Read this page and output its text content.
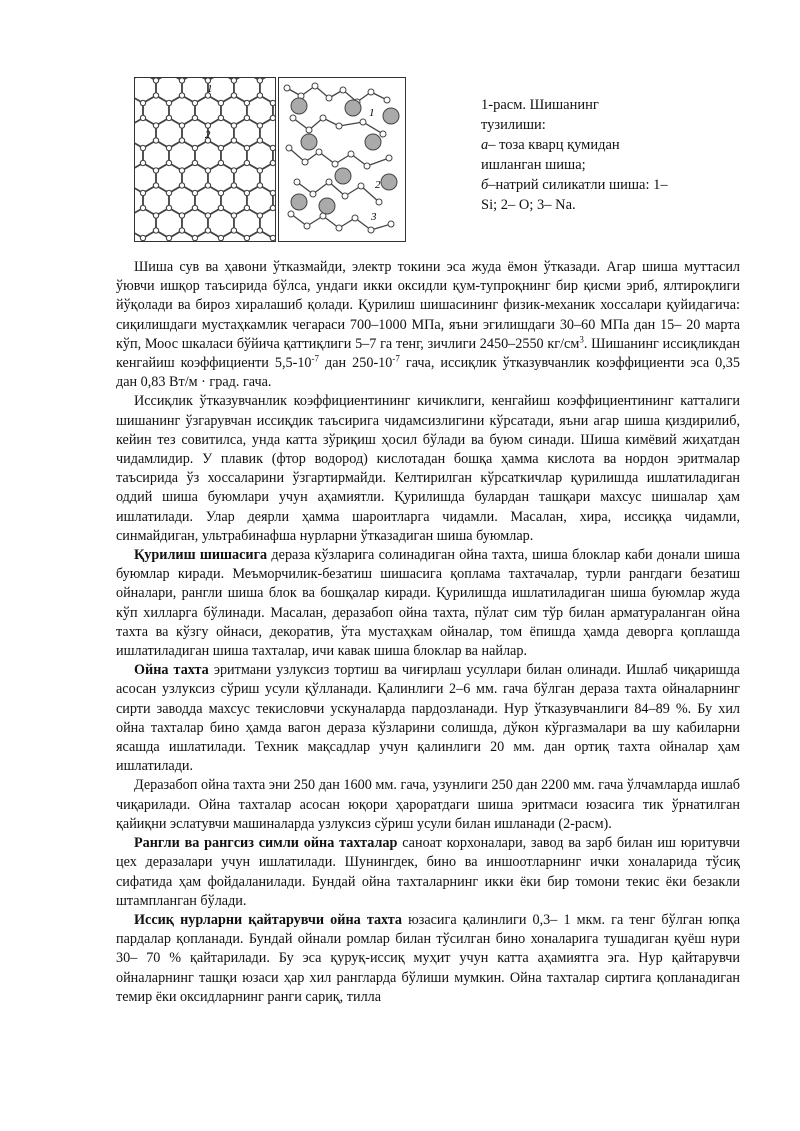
1
2
1
2
3
1-расм. Шишанинг
тузилиши:
а– тоза кварц қумидан ишланган шиша;
б–натрий силикатли шиша: 1–Si; 2– O; 3– Na.

Шиша сув ва ҳавони ўтказмайди, электр токини эса жуда ёмон ўтказади. Агар шиша муттасил ўювчи ишқор таъсирида бўлса, ундаги икки оксидли қум-тупроқнинг бир қисми эриб, ялтироқлиги йўқолади ва бироз хиралашиб қолади. Қурилиш шишасининг физик-механик хоссалари қуйидагича: сиқилишдаги мустаҳкамлик чегараси 700–1000 МПа, яъни эгилишдаги 30–60 МПа дан 15– 20 марта кўп, Моос шкаласи бўйича қаттиқлиги 5–7 га тенг, зичлиги 2450–2550 $кг/см^3$. Шишанинг иссиқликдан кенгайиш коэффициенти $5,5-10^{-7}$ дан $250-10^{-7}$ гача, иссиқлик ўтказувчанлик коэффициенти эса 0,35 дан 0,83 Вт/м · град. гача.

Иссиқлик ўтказувчанлик коэффициентининг кичиклиги, кенгайиш коэффициентининг катталиги шишанинг ўзгарувчан иссиқдик таъсирига чидамсизлигини кўрсатади, яъни агар шиша қиздирилиб, кейин тез совитилса, унда катта зўриқиш ҳосил бўлади ва буюм синади. Шиша кимёвий жиҳатдан чидамлидир. У плавик (фтор водород) кислотадан бошқа ҳамма кислота ва нордон эритмалар таъсирида ўз хоссаларини ўзгартирмайди. Келтирилган кўрсаткичлар қурилишда ишлатиладиган оддий шиша буюмлари учун аҳамиятли. Қурилишда булардан ташқари махсус шишалар ҳам ишлатилади. Улар деярли ҳамма шароитларга чидамли. Масалан, хира, иссиққа чидамли, синмайдиган, ультрабинафша нурларни ўтказадиган шиша буюмлар.

Қурилиш шишасига дераза кўзларига солинадиган ойна тахта, шиша блоклар каби донали шиша буюмлар киради. Меъморчилик-безатиш шишасига қоплама тахтачалар, турли рангдаги безатиш ойналари, рангли шиша блок ва бошқалар киради. Қурилишда ишлатиладиган шиша буюмлар жуда кўп хилларга бўлинади. Масалан, деразабоп ойна тахта, пўлат сим тўр билан арматураланган ойна тахта ва кўзгу ойнаси, декоратив, ўта мустаҳкам ойналар, том ёпишда ҳамда деворга қоплашда ишлатиладиган шиша тахталар, ичи кавак шиша блоклар ва найлар.

Ойна тахта эритмани узлуксиз тортиш ва чиғирлаш усуллари билан олинади. Ишлаб чиқаришда асосан узлуксиз сўриш усули қўлланади. Қалинлиги 2–6 мм. гача бўлган дераза тахта ойналарнинг сирти заводда махсус текисловчи ускуналарда пардозланади. Нур ўтказувчанлиги 84–89 %. Бу хил ойна тахталар бино ҳамда вагон дераза кўзларини солишда, дўкон кўргазмалари ва шу кабиларни ясашда ишлатилади. Техник мақсадлар учун қалинлиги 20 мм. дан ортиқ тахта ойналар ҳам ишлатилади.

Деразабоп ойна тахта эни 250 дан 1600 мм. гача, узунлиги 250 дан 2200 мм. гача ўлчамларда ишлаб чиқарилади. Ойна тахталар асосан юқори ҳароратдаги шиша эритмаси юзасига тик ўрнатилган қайиқни эслатувчи машиналарда узлуксиз сўриш усули билан ишланади (2-расм).

Рангли ва рангсиз симли ойна тахталар саноат корхоналари, завод ва зарб билан иш юритувчи цех деразалари учун ишлатилади. Шунингдек, бино ва иншоотларнинг ички хоналарида тўсиқ сифатида ҳам фойдаланилади. Бундай ойна тахталарнинг икки ёки бир томони текис ёки безакли штампланган бўлади.

Иссиқ нурларни қайтарувчи ойна тахта юзасига қалинлиги 0,3– 1 мкм. га тенг бўлган юпқа пардалар қопланади. Бундай ойнали ромлар билан тўсилган бино хоналарига тушадиган қуёш нури 30– 70 % қайтарилади. Бу эса қуруқ-иссиқ муҳит учун катта аҳамиятга эга. Нур қайтарувчи ойналарнинг ташқи юзаси ҳар хил рангларда бўлиши мумкин. Ойна тахталар сиртига қопланадиган темир ёки оксидларнинг ранги сариқ, тилла
